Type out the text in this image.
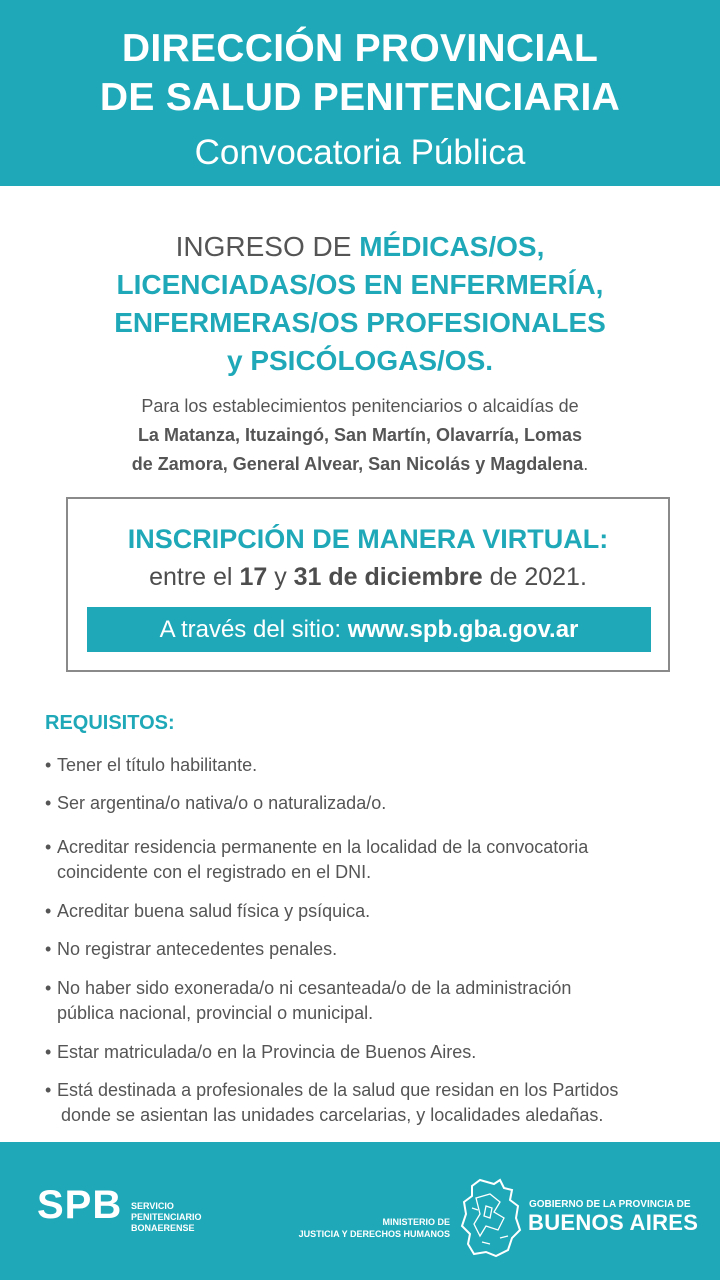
DIRECCIÓN PROVINCIAL
DE SALUD PENITENCIARIA
Convocatoria Pública
INGRESO DE MÉDICAS/OS,
LICENCIADAS/OS EN ENFERMERÍA,
ENFERMERAS/OS PROFESIONALES
y PSICÓLOGAS/OS.
Para los establecimientos penitenciarios o alcaidías de
La Matanza, Ituzaingó, San Martín, Olavarría, Lomas
de Zamora, General Alvear, San Nicolás y Magdalena.
INSCRIPCIÓN DE MANERA VIRTUAL:
entre el 17 y 31 de diciembre de 2021.
A través del sitio: www.spb.gba.gov.ar
REQUISITOS:
• Tener el título habilitante.
• Ser argentina/o nativa/o o naturalizada/o.
• Acreditar residencia permanente en la localidad de la convocatoria
coincidente con el registrado en el DNI.
• Acreditar buena salud física y psíquica.
• No registrar antecedentes penales.
• No haber sido exonerada/o ni cesanteada/o de la administración
pública nacional, provincial o municipal.
• Estar matriculada/o en la Provincia de Buenos Aires.
• Está destinada a profesionales de la salud que residan en los Partidos
donde se asientan las unidades carcelarias, y localidades aledañas.
SPB SERVICIO
PENITENCIARIO
BONAERENSE
MINISTERIO DE
JUSTICIA Y DERECHOS HUMANOS
GOBIERNO DE LA PROVINCIA DE
BUENOS AIRES
